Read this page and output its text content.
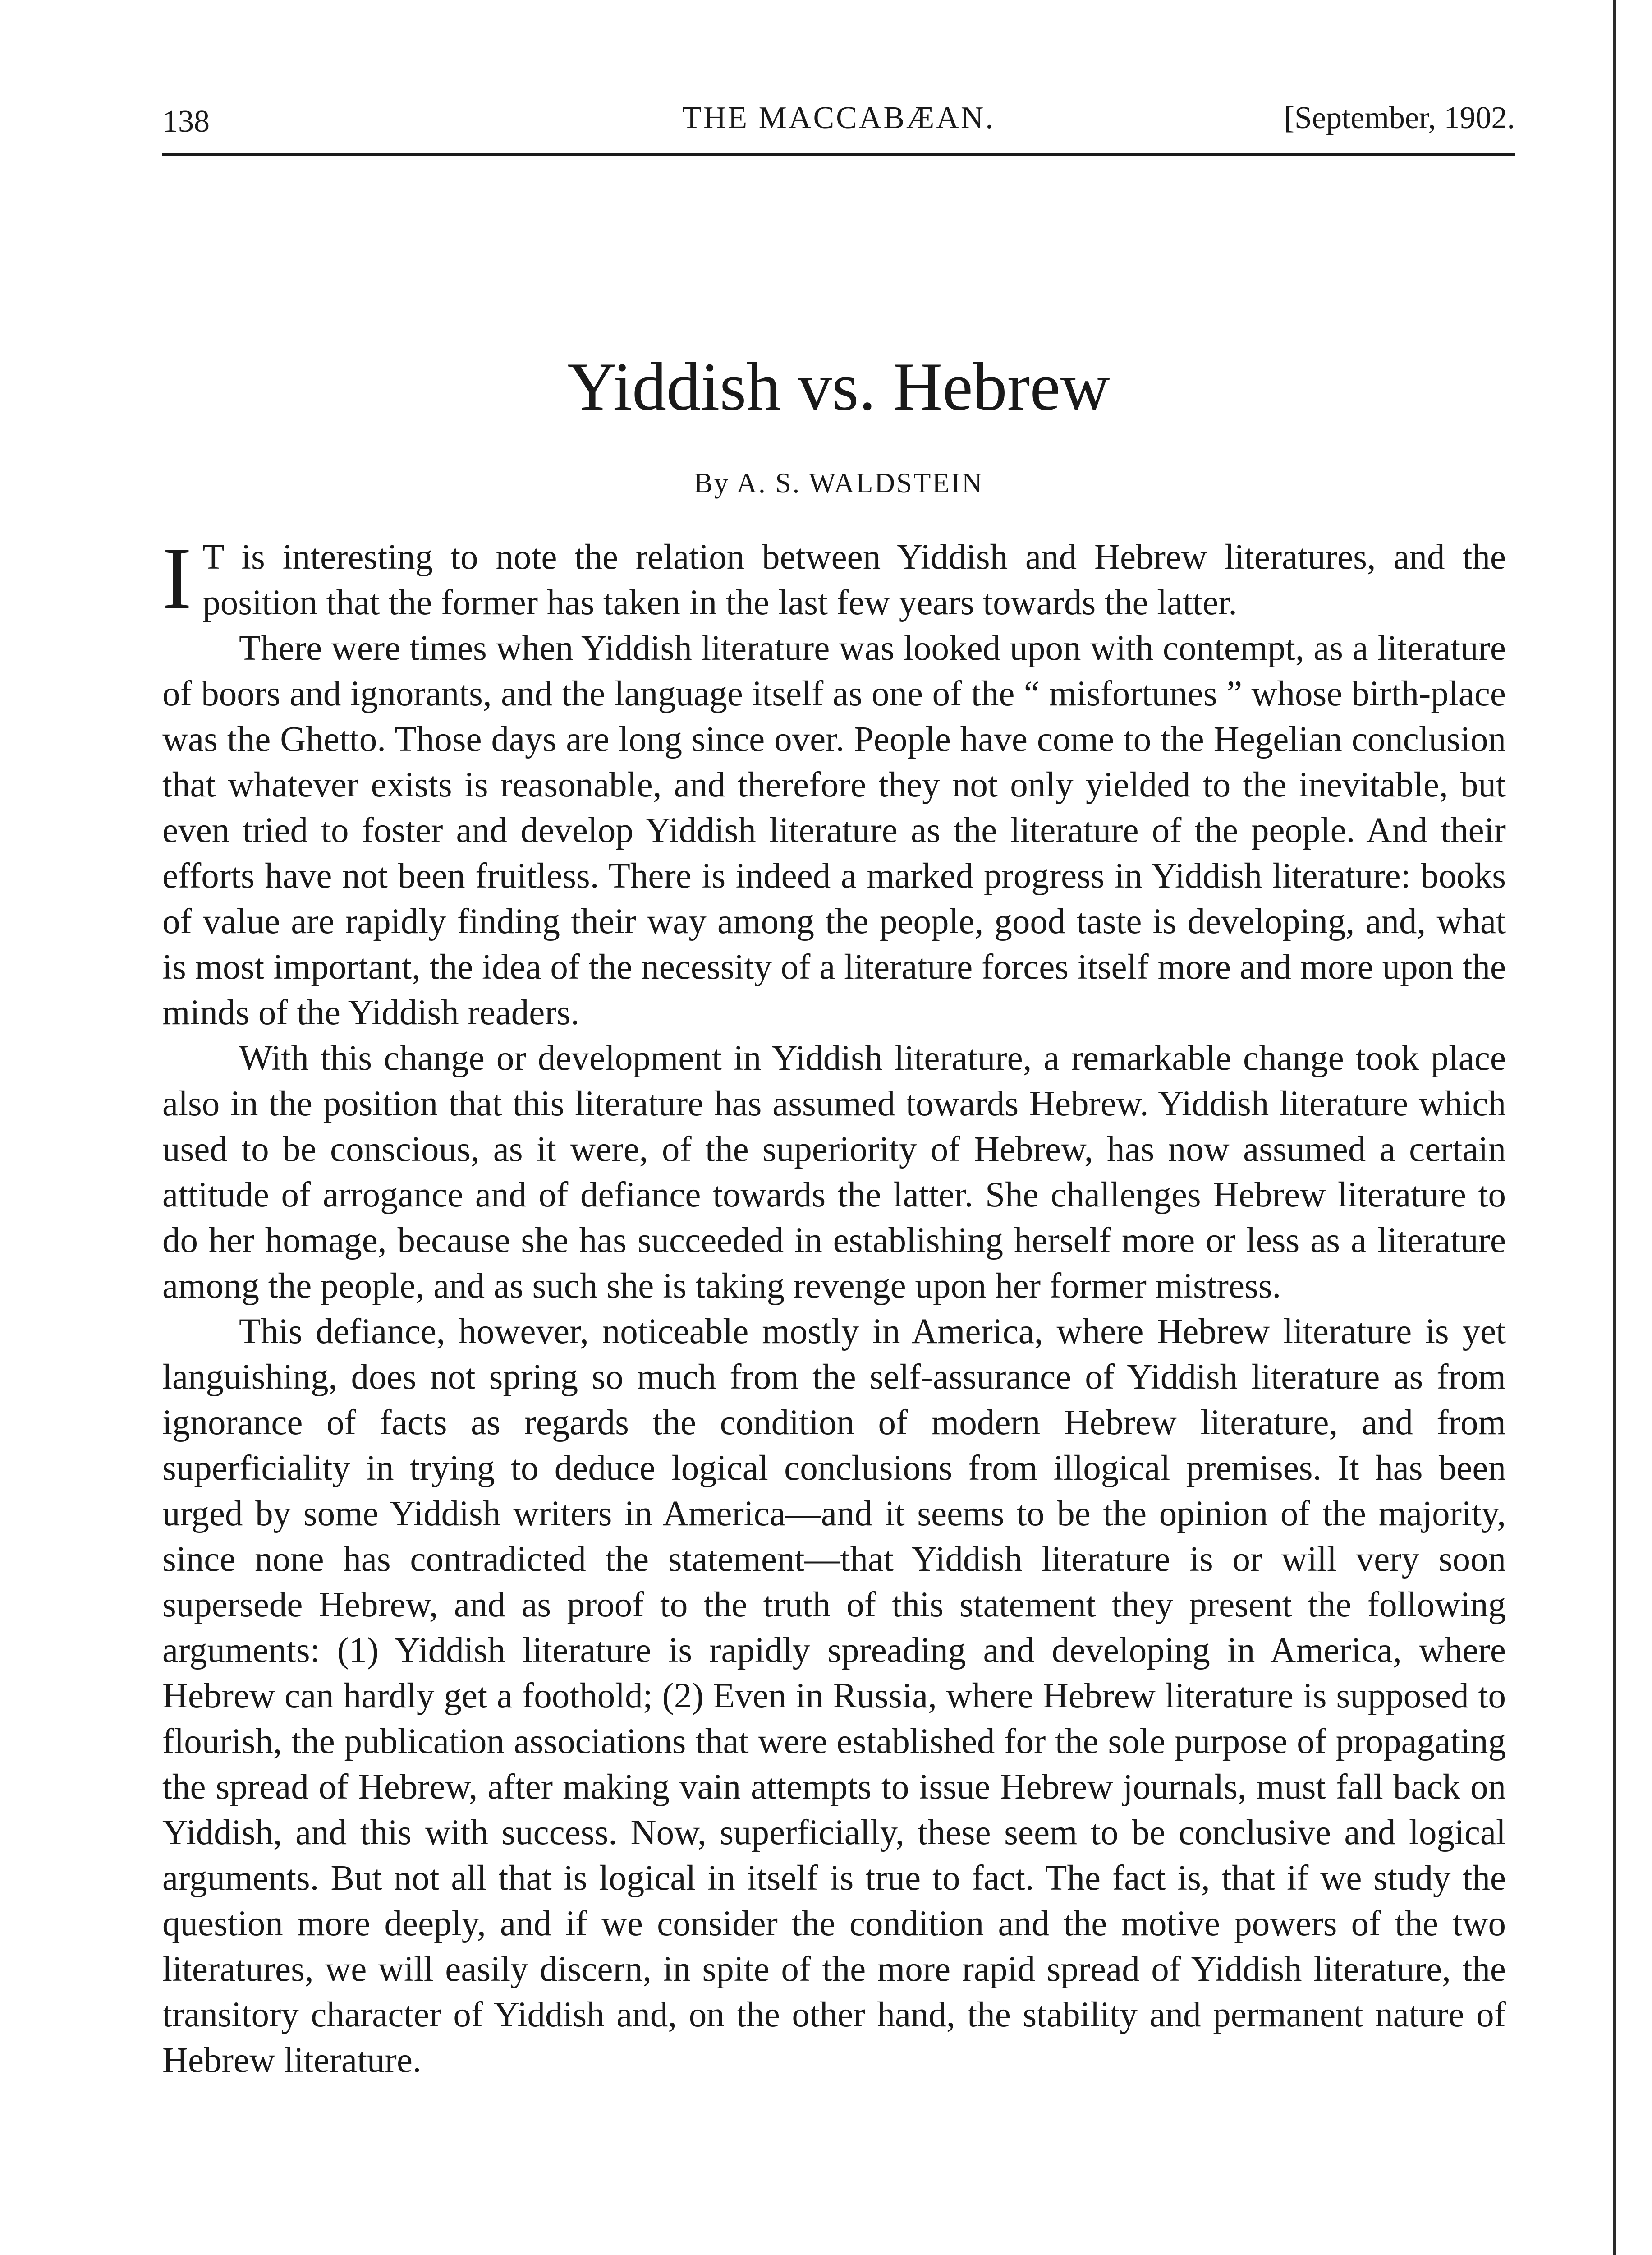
138	THE MACCABÆAN.	[September, 1902.
Yiddish vs. Hebrew
By A. S. WALDSTEIN

I T is interesting to note the relation between Yiddish and Hebrew literatures, and the position that the former has taken in the last few years towards the latter.

There were times when Yiddish literature was looked upon with contempt, as a literature of boors and ignorants, and the language itself as one of the “ misfortunes ” whose birth-place was the Ghetto. Those days are long since over. People have come to the Hegelian conclusion that whatever exists is reasonable, and therefore they not only yielded to the inevitable, but even tried to foster and develop Yiddish literature as the literature of the people. And their efforts have not been fruitless. There is indeed a marked progress in Yiddish literature: books of value are rapidly finding their way among the people, good taste is developing, and, what is most important, the idea of the necessity of a literature forces itself more and more upon the minds of the Yiddish readers.

With this change or development in Yiddish literature, a remarkable change took place also in the position that this literature has assumed towards Hebrew. Yiddish literature which used to be conscious, as it were, of the superiority of Hebrew, has now assumed a certain attitude of arrogance and of defiance towards the latter. She challenges Hebrew literature to do her homage, because she has succeeded in establishing herself more or less as a literature among the people, and as such she is taking revenge upon her former mistress.

This defiance, however, noticeable mostly in America, where Hebrew literature is yet languishing, does not spring so much from the self-assurance of Yiddish literature as from ignorance of facts as regards the condition of modern Hebrew literature, and from superficiality in trying to deduce logical conclusions from illogical premises. It has been urged by some Yiddish writers in America—and it seems to be the opinion of the majority, since none has contradicted the statement—that Yiddish literature is or will very soon supersede Hebrew, and as proof to the truth of this statement they present the following arguments: (1) Yiddish literature is rapidly spreading and developing in America, where Hebrew can hardly get a foothold; (2) Even in Russia, where Hebrew literature is supposed to flourish, the publication associations that were established for the sole purpose of propagating the spread of Hebrew, after making vain attempts to issue Hebrew journals, must fall back on Yiddish, and this with success. Now, superficially, these seem to be conclusive and logical arguments. But not all that is logical in itself is true to fact. The fact is, that if we study the question more deeply, and if we consider the condition and the motive powers of the two literatures, we will easily discern, in spite of the more rapid spread of Yiddish literature, the transitory character of Yiddish and, on the other hand, the stability and permanent nature of Hebrew literature.
